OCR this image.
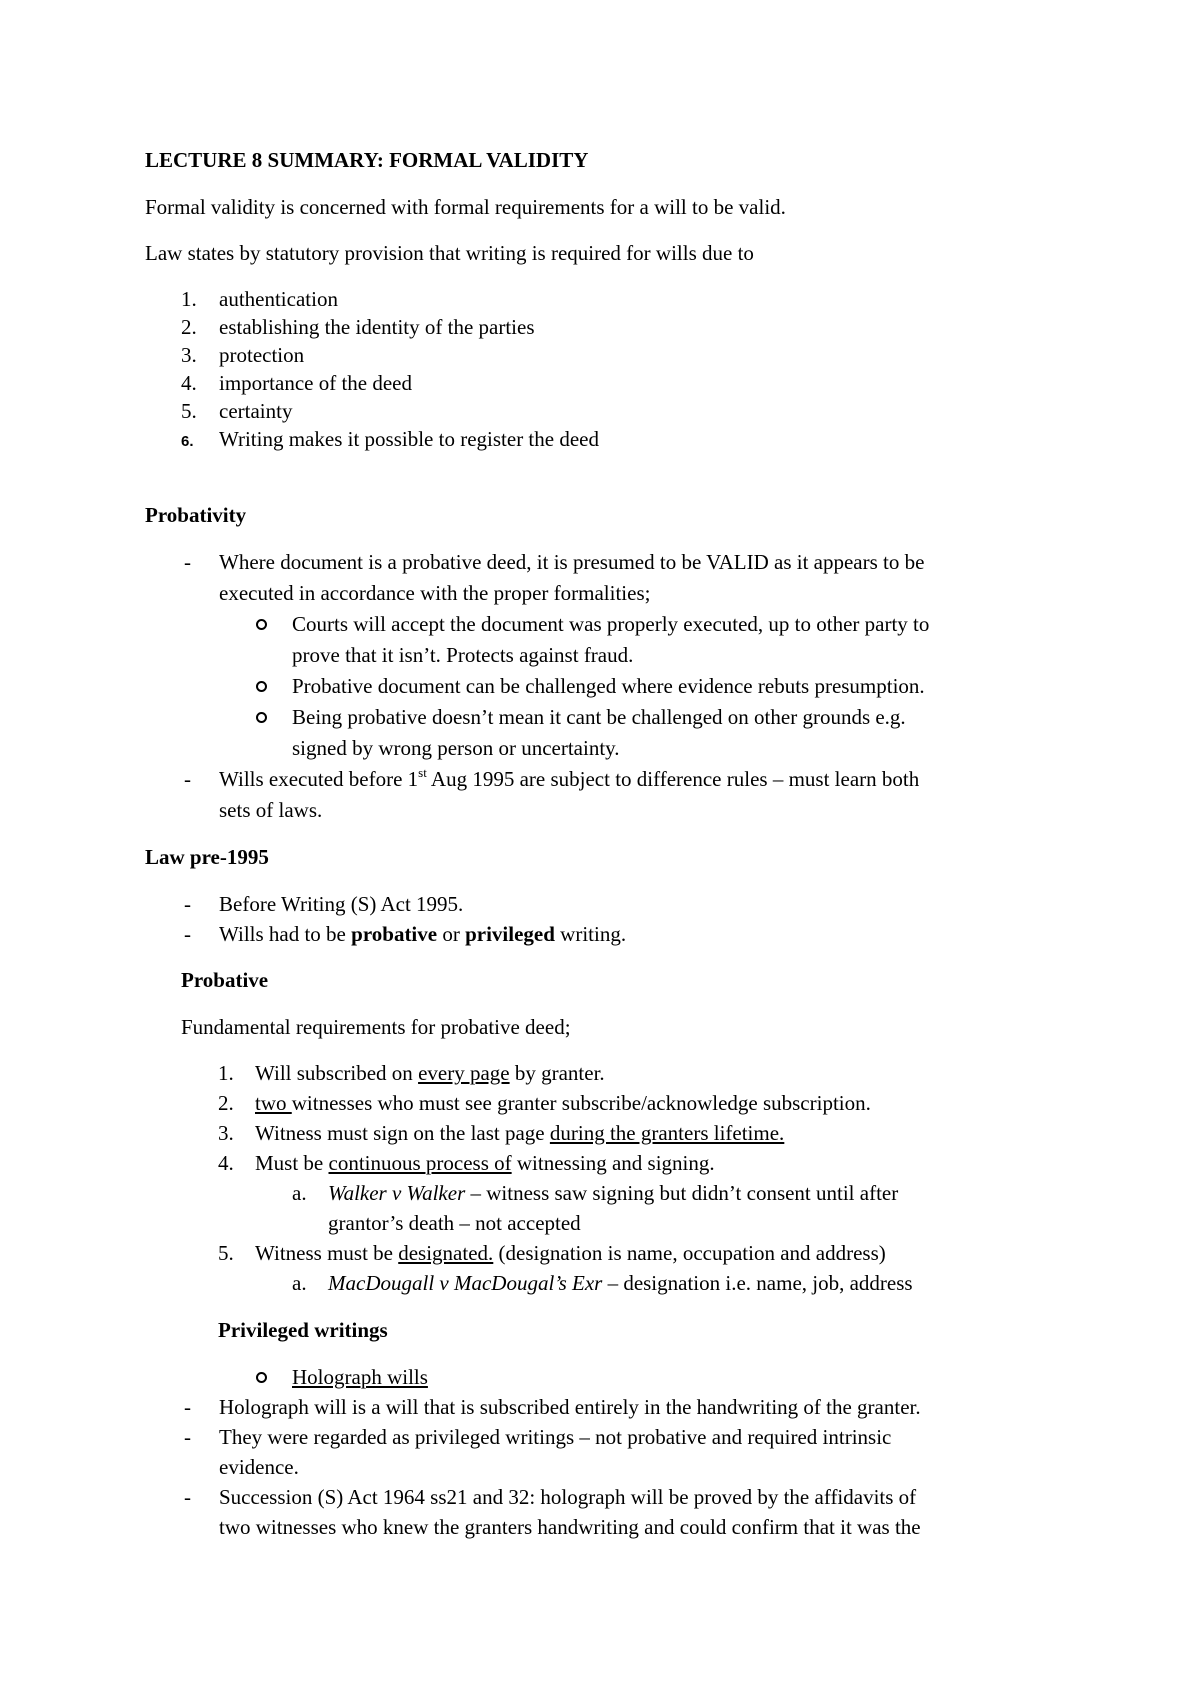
LECTURE 8 SUMMARY: FORMAL VALIDITY
Formal validity is concerned with formal requirements for a will to be valid.
Law states by statutory provision that writing is required for wills due to
1. authentication
2. establishing the identity of the parties
3. protection
4. importance of the deed
5. certainty
6. Writing makes it possible to register the deed
Probativity
- Where document is a probative deed, it is presumed to be VALID as it appears to be
executed in accordance with the proper formalities;
Courts will accept the document was properly executed, up to other party to
prove that it isn’t. Protects against fraud.
Probative document can be challenged where evidence rebuts presumption.
Being probative doesn’t mean it cant be challenged on other grounds e.g.
signed by wrong person or uncertainty.
- Wills executed before 1st Aug 1995 are subject to difference rules – must learn both
sets of laws.
Law pre-1995
- Before Writing (S) Act 1995.
- Wills had to be probative or privileged writing.
Probative
Fundamental requirements for probative deed;
1. Will subscribed on every page by granter.
2. two witnesses who must see granter subscribe/acknowledge subscription.
3. Witness must sign on the last page during the granters lifetime.
4. Must be continuous process of witnessing and signing.
a. Walker v Walker – witness saw signing but didn’t consent until after
grantor’s death – not accepted
5. Witness must be designated. (designation is name, occupation and address)
a. MacDougall v MacDougal’s Exr – designation i.e. name, job, address
Privileged writings
Holograph wills
- Holograph will is a will that is subscribed entirely in the handwriting of the granter.
- They were regarded as privileged writings – not probative and required intrinsic
evidence.
- Succession (S) Act 1964 ss21 and 32: holograph will be proved by the affidavits of
two witnesses who knew the granters handwriting and could confirm that it was the
